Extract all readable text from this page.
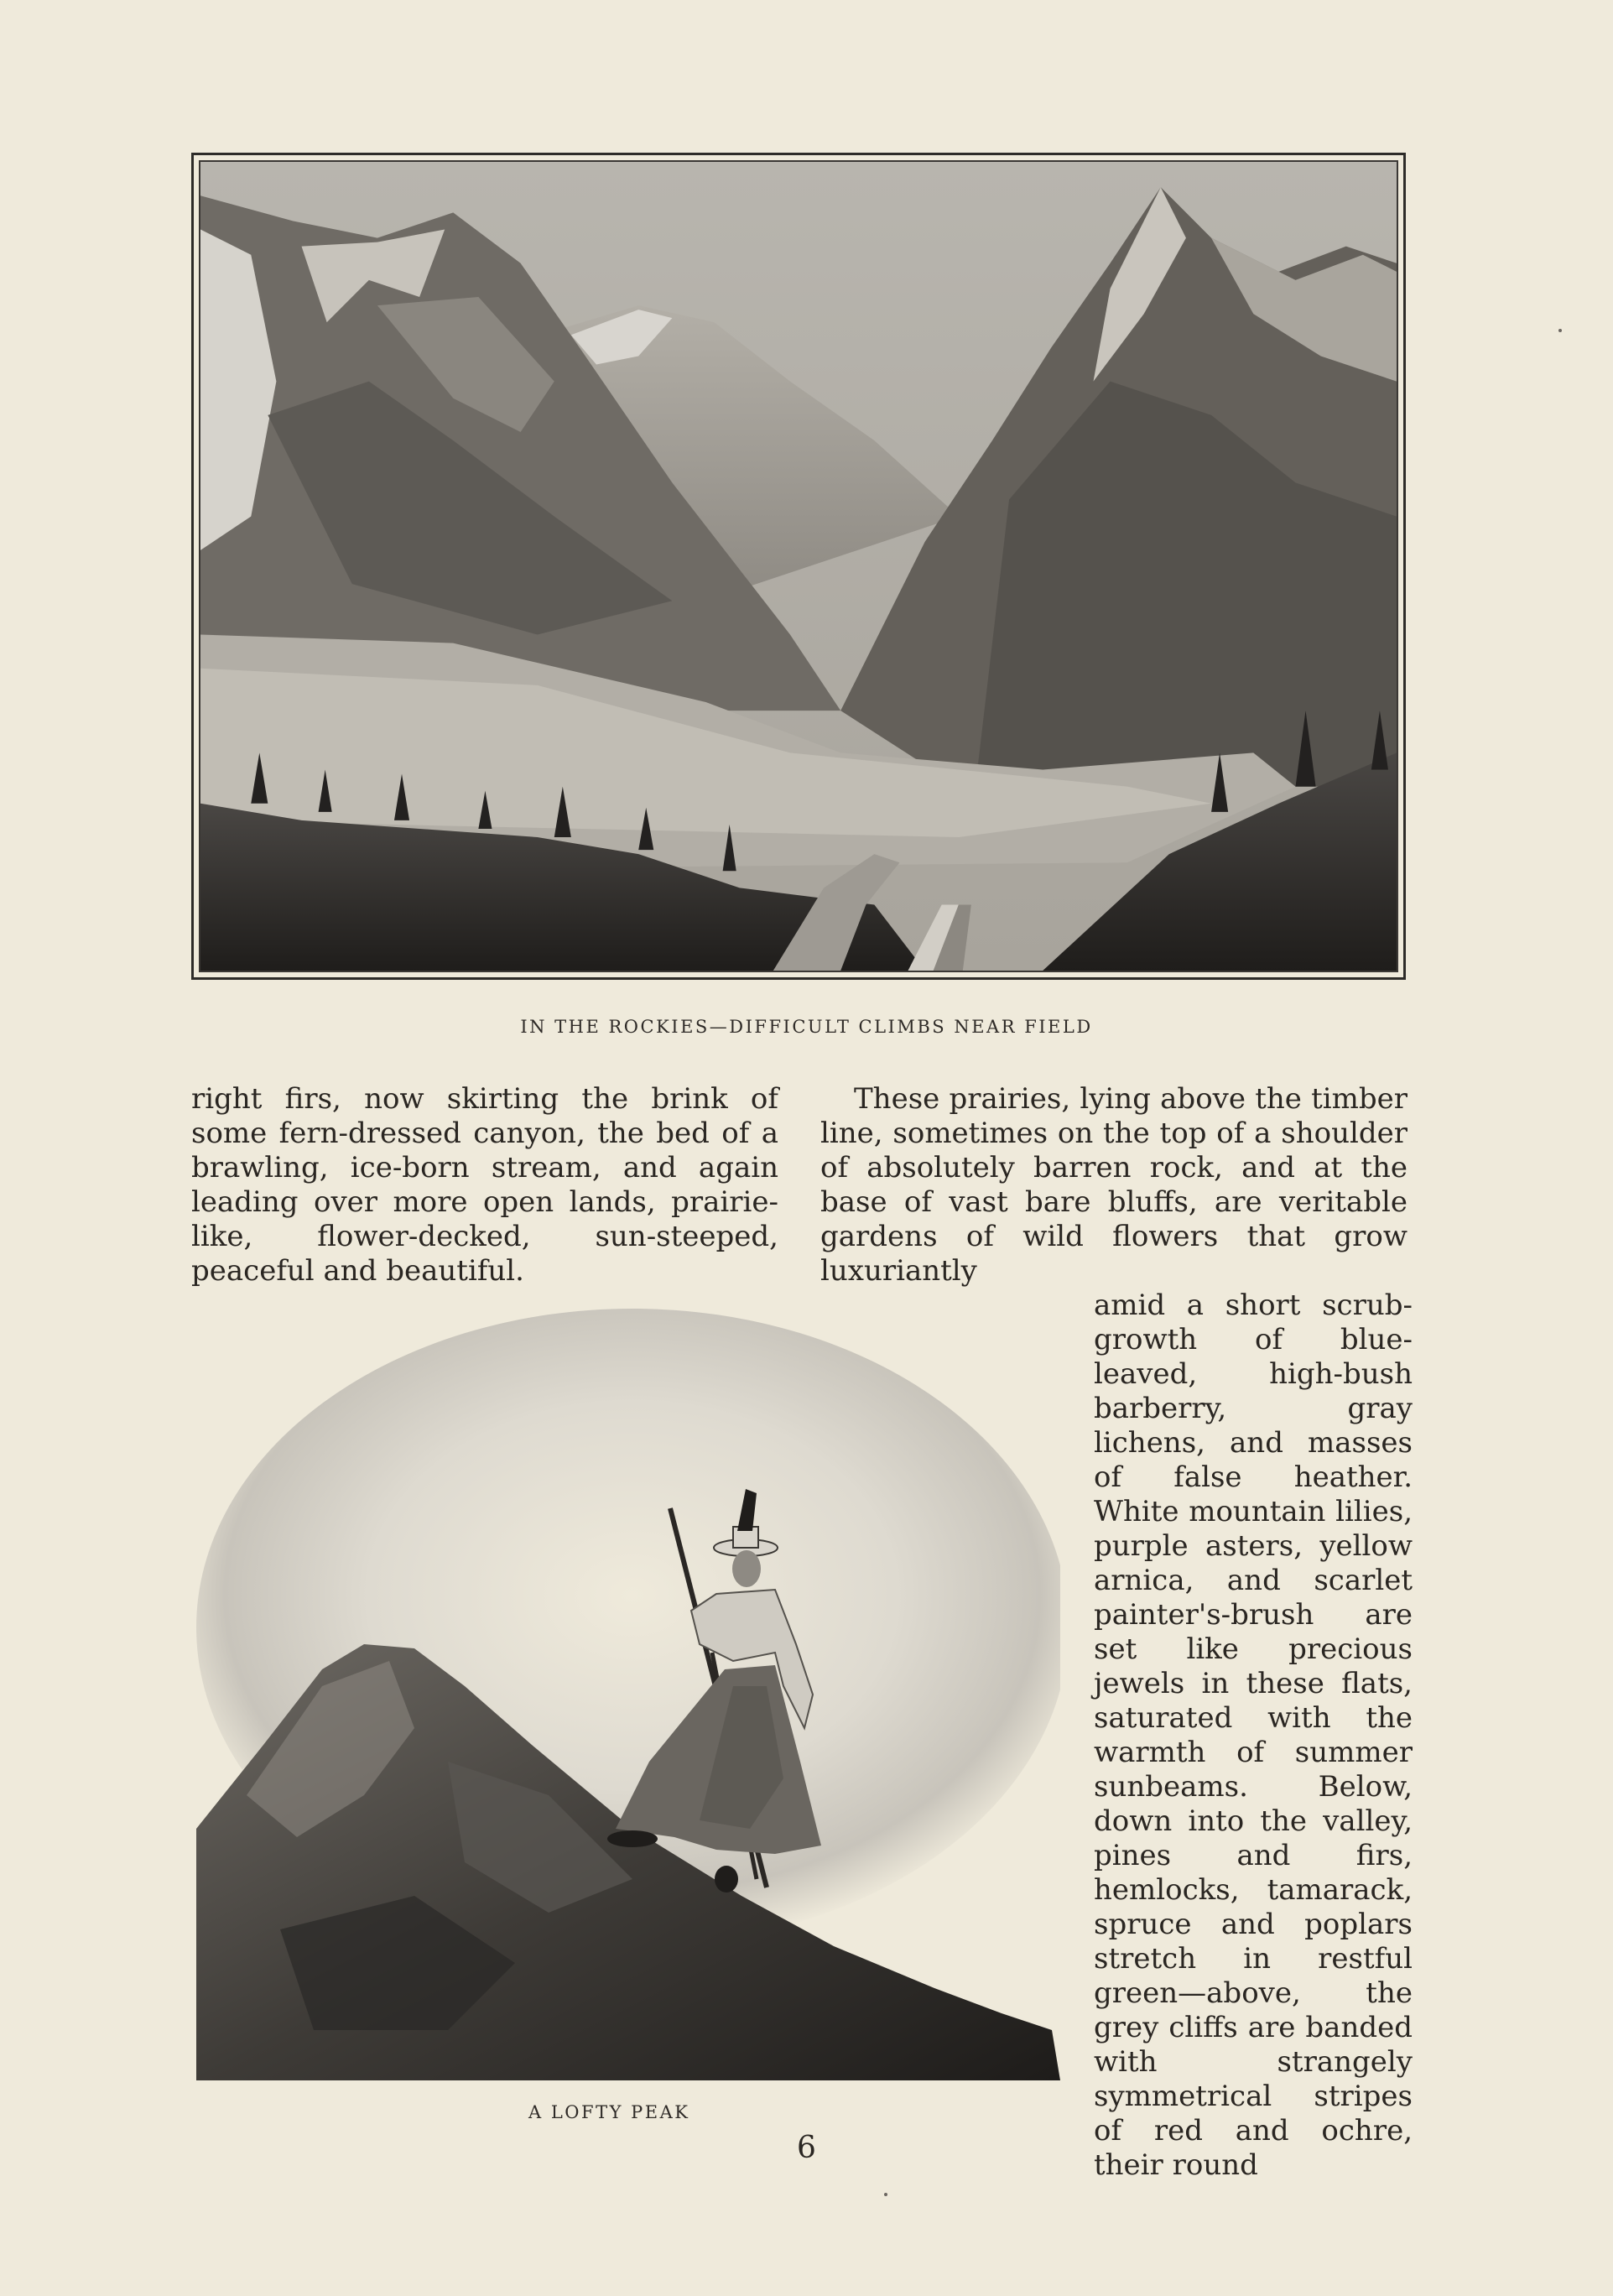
IN THE ROCKIES—DIFFICULT CLIMBS NEAR FIELD

right firs, now skirting the brink of some fern-dressed canyon, the bed of a brawling, ice-born stream, and again leading over more open lands, prairie-like, flower-decked, sun-steeped, peaceful and beautiful.

These prairies, lying above the timber line, sometimes on the top of a shoulder of absolutely barren rock, and at the base of vast bare bluffs, are veritable gardens of wild flowers that grow luxuriantly

amid a short scrub-growth of blue-leaved, high-bush barberry, gray lichens, and masses of false heather. White mountain lilies, purple asters, yellow arnica, and scarlet painter's-brush are set like precious jewels in these flats, saturated with the warmth of summer sunbeams. Below, down into the valley, pines and firs, hemlocks, tamarack, spruce and poplars stretch in restful green—above, the grey cliffs are banded with strangely symmetrical stripes of red and ochre, their round

A LOFTY PEAK
6
